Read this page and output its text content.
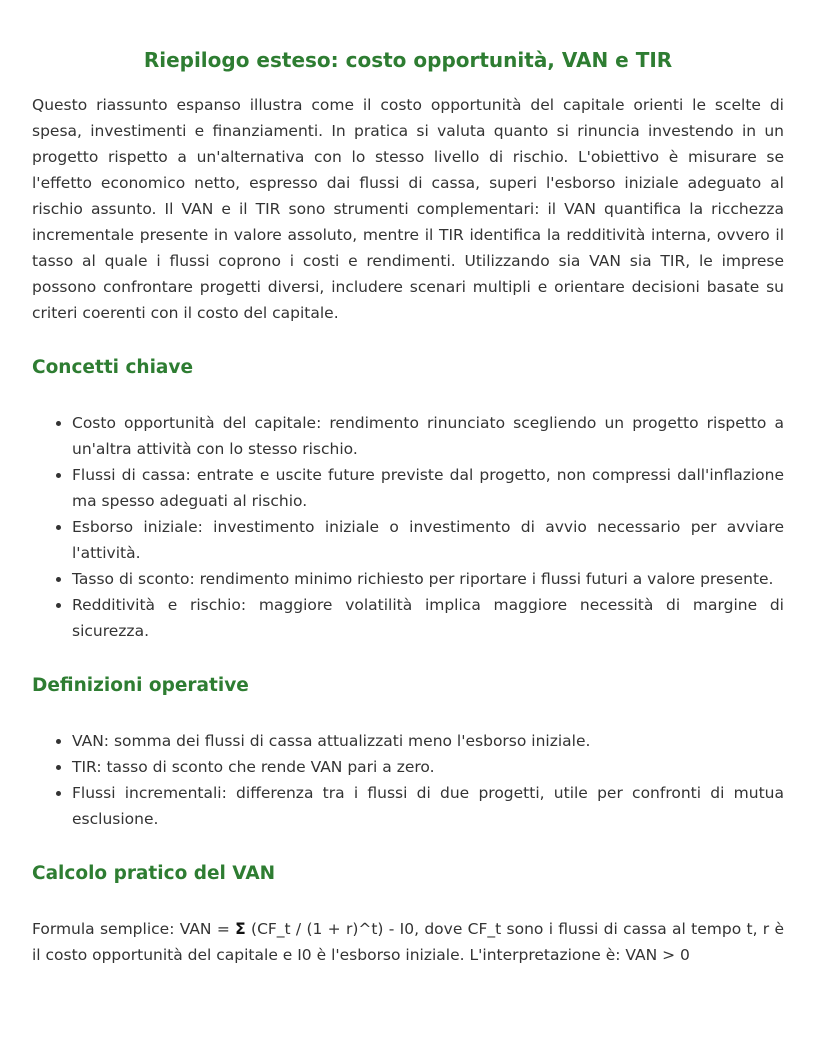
Riepilogo esteso: costo opportunità, VAN e TIR

Questo riassunto espanso illustra come il costo opportunità del capitale orienti le scelte di spesa, investimenti e finanziamenti. In pratica si valuta quanto si rinuncia investendo in un progetto rispetto a un'alternativa con lo stesso livello di rischio. L'obiettivo è misurare se l'effetto economico netto, espresso dai flussi di cassa, superi l'esborso iniziale adeguato al rischio assunto. Il VAN e il TIR sono strumenti complementari: il VAN quantifica la ricchezza incrementale presente in valore assoluto, mentre il TIR identifica la redditività interna, ovvero il tasso al quale i flussi coprono i costi e rendimenti. Utilizzando sia VAN sia TIR, le imprese possono confrontare progetti diversi, includere scenari multipli e orientare decisioni basate su criteri coerenti con il costo del capitale.

Concetti chiave
• Costo opportunità del capitale: rendimento rinunciato scegliendo un progetto rispetto a un'altra attività con lo stesso rischio.
• Flussi di cassa: entrate e uscite future previste dal progetto, non compressi dall'inflazione ma spesso adeguati al rischio.
• Esborso iniziale: investimento iniziale o investimento di avvio necessario per avviare l'attività.
• Tasso di sconto: rendimento minimo richiesto per riportare i flussi futuri a valore presente.
• Redditività e rischio: maggiore volatilità implica maggiore necessità di margine di sicurezza.
Definizioni operative
• VAN: somma dei flussi di cassa attualizzati meno l'esborso iniziale.
• TIR: tasso di sconto che rende VAN pari a zero.
• Flussi incrementali: differenza tra i flussi di due progetti, utile per confronti di mutua esclusione.
Calcolo pratico del VAN

Formula semplice: VAN = Σ (CF_t / (1 + r)^t) - I0, dove CF_t sono i flussi di cassa al tempo t, r è il costo opportunità del capitale e I0 è l'esborso iniziale. L'interpretazione è: VAN > 0
